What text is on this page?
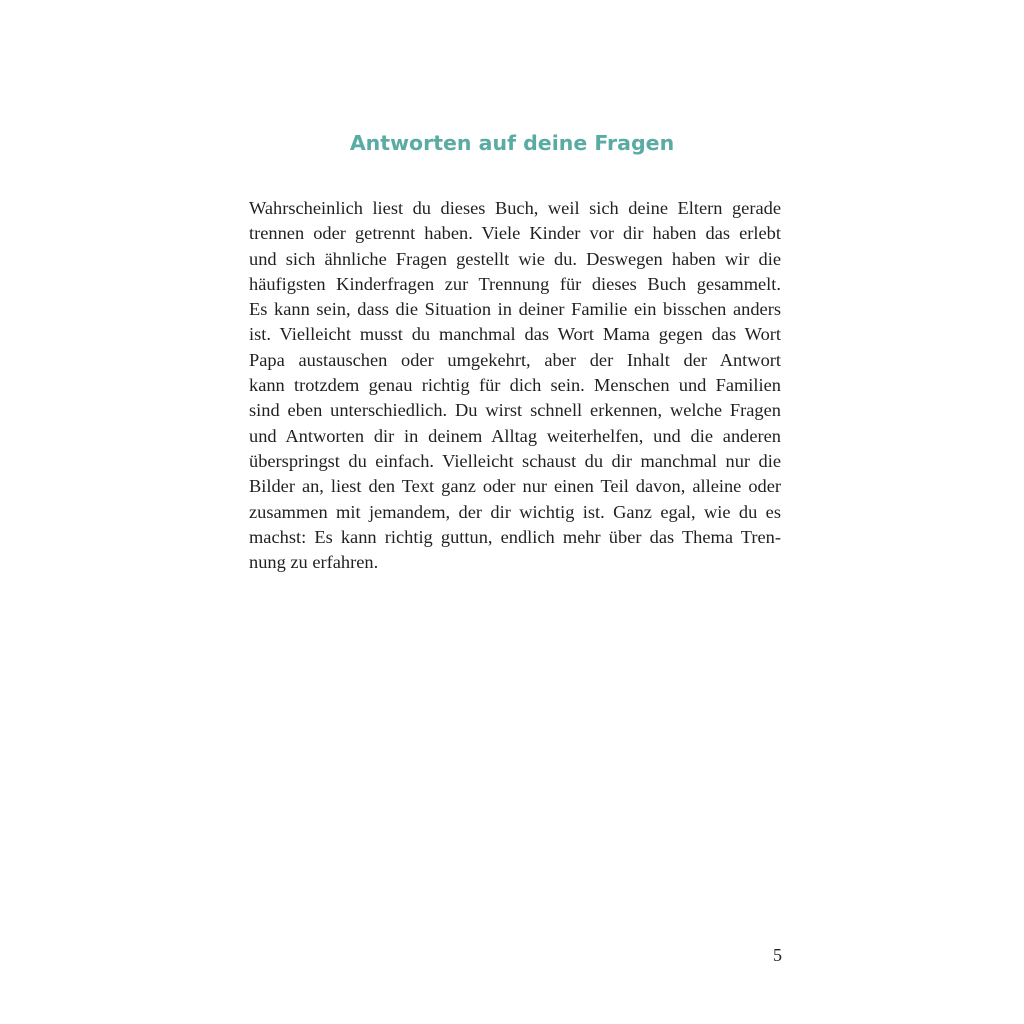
Antworten auf deine Fragen
Wahrscheinlich liest du dieses Buch, weil sich deine Eltern gerade
trennen oder getrennt haben. Viele Kinder vor dir haben das erlebt
und sich ähnliche Fragen gestellt wie du. Deswegen haben wir die
häufigsten Kinderfragen zur Trennung für dieses Buch gesammelt.
Es kann sein, dass die Situation in deiner Familie ein bisschen anders
ist. Vielleicht musst du manchmal das Wort Mama gegen das Wort
Papa austauschen oder umgekehrt, aber der Inhalt der Antwort
kann trotzdem genau richtig für dich sein. Menschen und Familien
sind eben unterschiedlich. Du wirst schnell erkennen, welche Fragen
und Antworten dir in deinem Alltag weiterhelfen, und die anderen
überspringst du einfach. Vielleicht schaust du dir manchmal nur die
Bilder an, liest den Text ganz oder nur einen Teil davon, alleine oder
zusammen mit jemandem, der dir wichtig ist. Ganz egal, wie du es
machst: Es kann richtig guttun, endlich mehr über das Thema Tren-
nung zu erfahren.
5
